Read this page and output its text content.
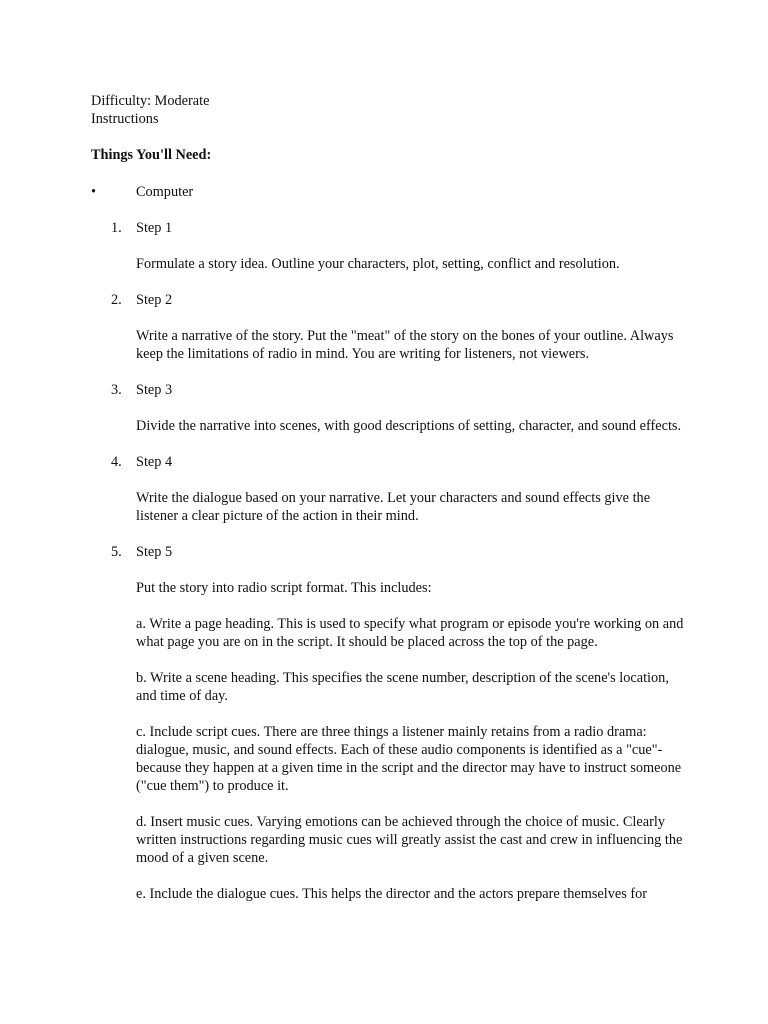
Difficulty: Moderate
Instructions
Things You'll Need:
•	Computer
1. Step 1
Formulate a story idea. Outline your characters, plot, setting, conflict and resolution.
2. Step 2
Write a narrative of the story. Put the "meat" of the story on the bones of your outline. Always keep the limitations of radio in mind. You are writing for listeners, not viewers.
3. Step 3
Divide the narrative into scenes, with good descriptions of setting, character, and sound effects.
4. Step 4
Write the dialogue based on your narrative. Let your characters and sound effects give the listener a clear picture of the action in their mind.
5. Step 5
Put the story into radio script format. This includes:
a. Write a page heading. This is used to specify what program or episode you're working on and what page you are on in the script. It should be placed across the top of the page.
b. Write a scene heading. This specifies the scene number, description of the scene's location, and time of day.
c. Include script cues. There are three things a listener mainly retains from a radio drama: dialogue, music, and sound effects. Each of these audio components is identified as a "cue"-because they happen at a given time in the script and the director may have to instruct someone ("cue them") to produce it.
d. Insert music cues. Varying emotions can be achieved through the choice of music. Clearly written instructions regarding music cues will greatly assist the cast and crew in influencing the mood of a given scene.
e. Include the dialogue cues. This helps the director and the actors prepare themselves for
